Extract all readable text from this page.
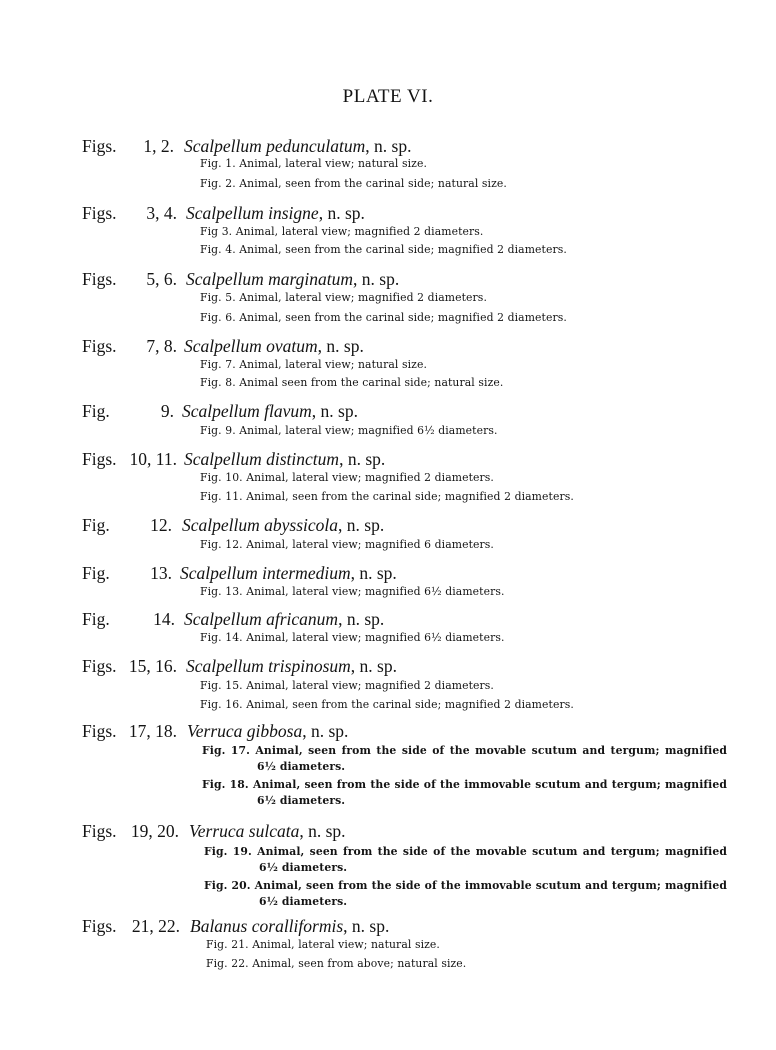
PLATE VI.
Figs. 1, 2. Scalpellum pedunculatum, n. sp.
Fig. 1. Animal, lateral view; natural size.
Fig. 2. Animal, seen from the carinal side; natural size.
Figs. 3, 4. Scalpellum insigne, n. sp.
Fig 3. Animal, lateral view; magnified 2 diameters.
Fig. 4. Animal, seen from the carinal side; magnified 2 diameters.
Figs. 5, 6. Scalpellum marginatum, n. sp.
Fig. 5. Animal, lateral view; magnified 2 diameters.
Fig. 6. Animal, seen from the carinal side; magnified 2 diameters.
Figs. 7, 8. Scalpellum ovatum, n. sp.
Fig. 7. Animal, lateral view; natural size.
Fig. 8. Animal seen from the carinal side; natural size.
Fig.	9. Scalpellum flavum, n. sp.
Fig. 9. Animal, lateral view; magnified 6½ diameters.
Figs. 10, 11. Scalpellum distinctum, n. sp.
Fig. 10. Animal, lateral view; magnified 2 diameters.
Fig. 11. Animal, seen from the carinal side; magnified 2 diameters.
Fig. 12. Scalpellum abyssicola, n. sp.
Fig. 12. Animal, lateral view; magnified 6 diameters.
Fig. 13. Scalpellum intermedium, n. sp.
Fig. 13. Animal, lateral view; magnified 6½ diameters.
Fig. 14. Scalpellum africanum, n. sp.
Fig. 14. Animal, lateral view; magnified 6½ diameters.
Figs. 15, 16. Scalpellum trispinosum, n. sp.
Fig. 15. Animal, lateral view; magnified 2 diameters.
Fig. 16. Animal, seen from the carinal side; magnified 2 diameters.
Figs. 17, 18. Verruca gibbosa, n. sp.
Fig. 17. Animal, seen from the side of the movable scutum and tergum; magnified 6½ diameters.
Fig. 18. Animal, seen from the side of the immovable scutum and tergum; magnified 6½ diameters.
Figs. 19, 20. Verruca sulcata, n. sp.
Fig. 19. Animal, seen from the side of the movable scutum and tergum; magnified 6½ diameters.
Fig. 20. Animal, seen from the side of the immovable scutum and tergum; magnified 6½ diameters.
Figs. 21, 22. Balanus coralliformis, n. sp.
Fig. 21. Animal, lateral view; natural size.
Fig. 22. Animal, seen from above; natural size.
